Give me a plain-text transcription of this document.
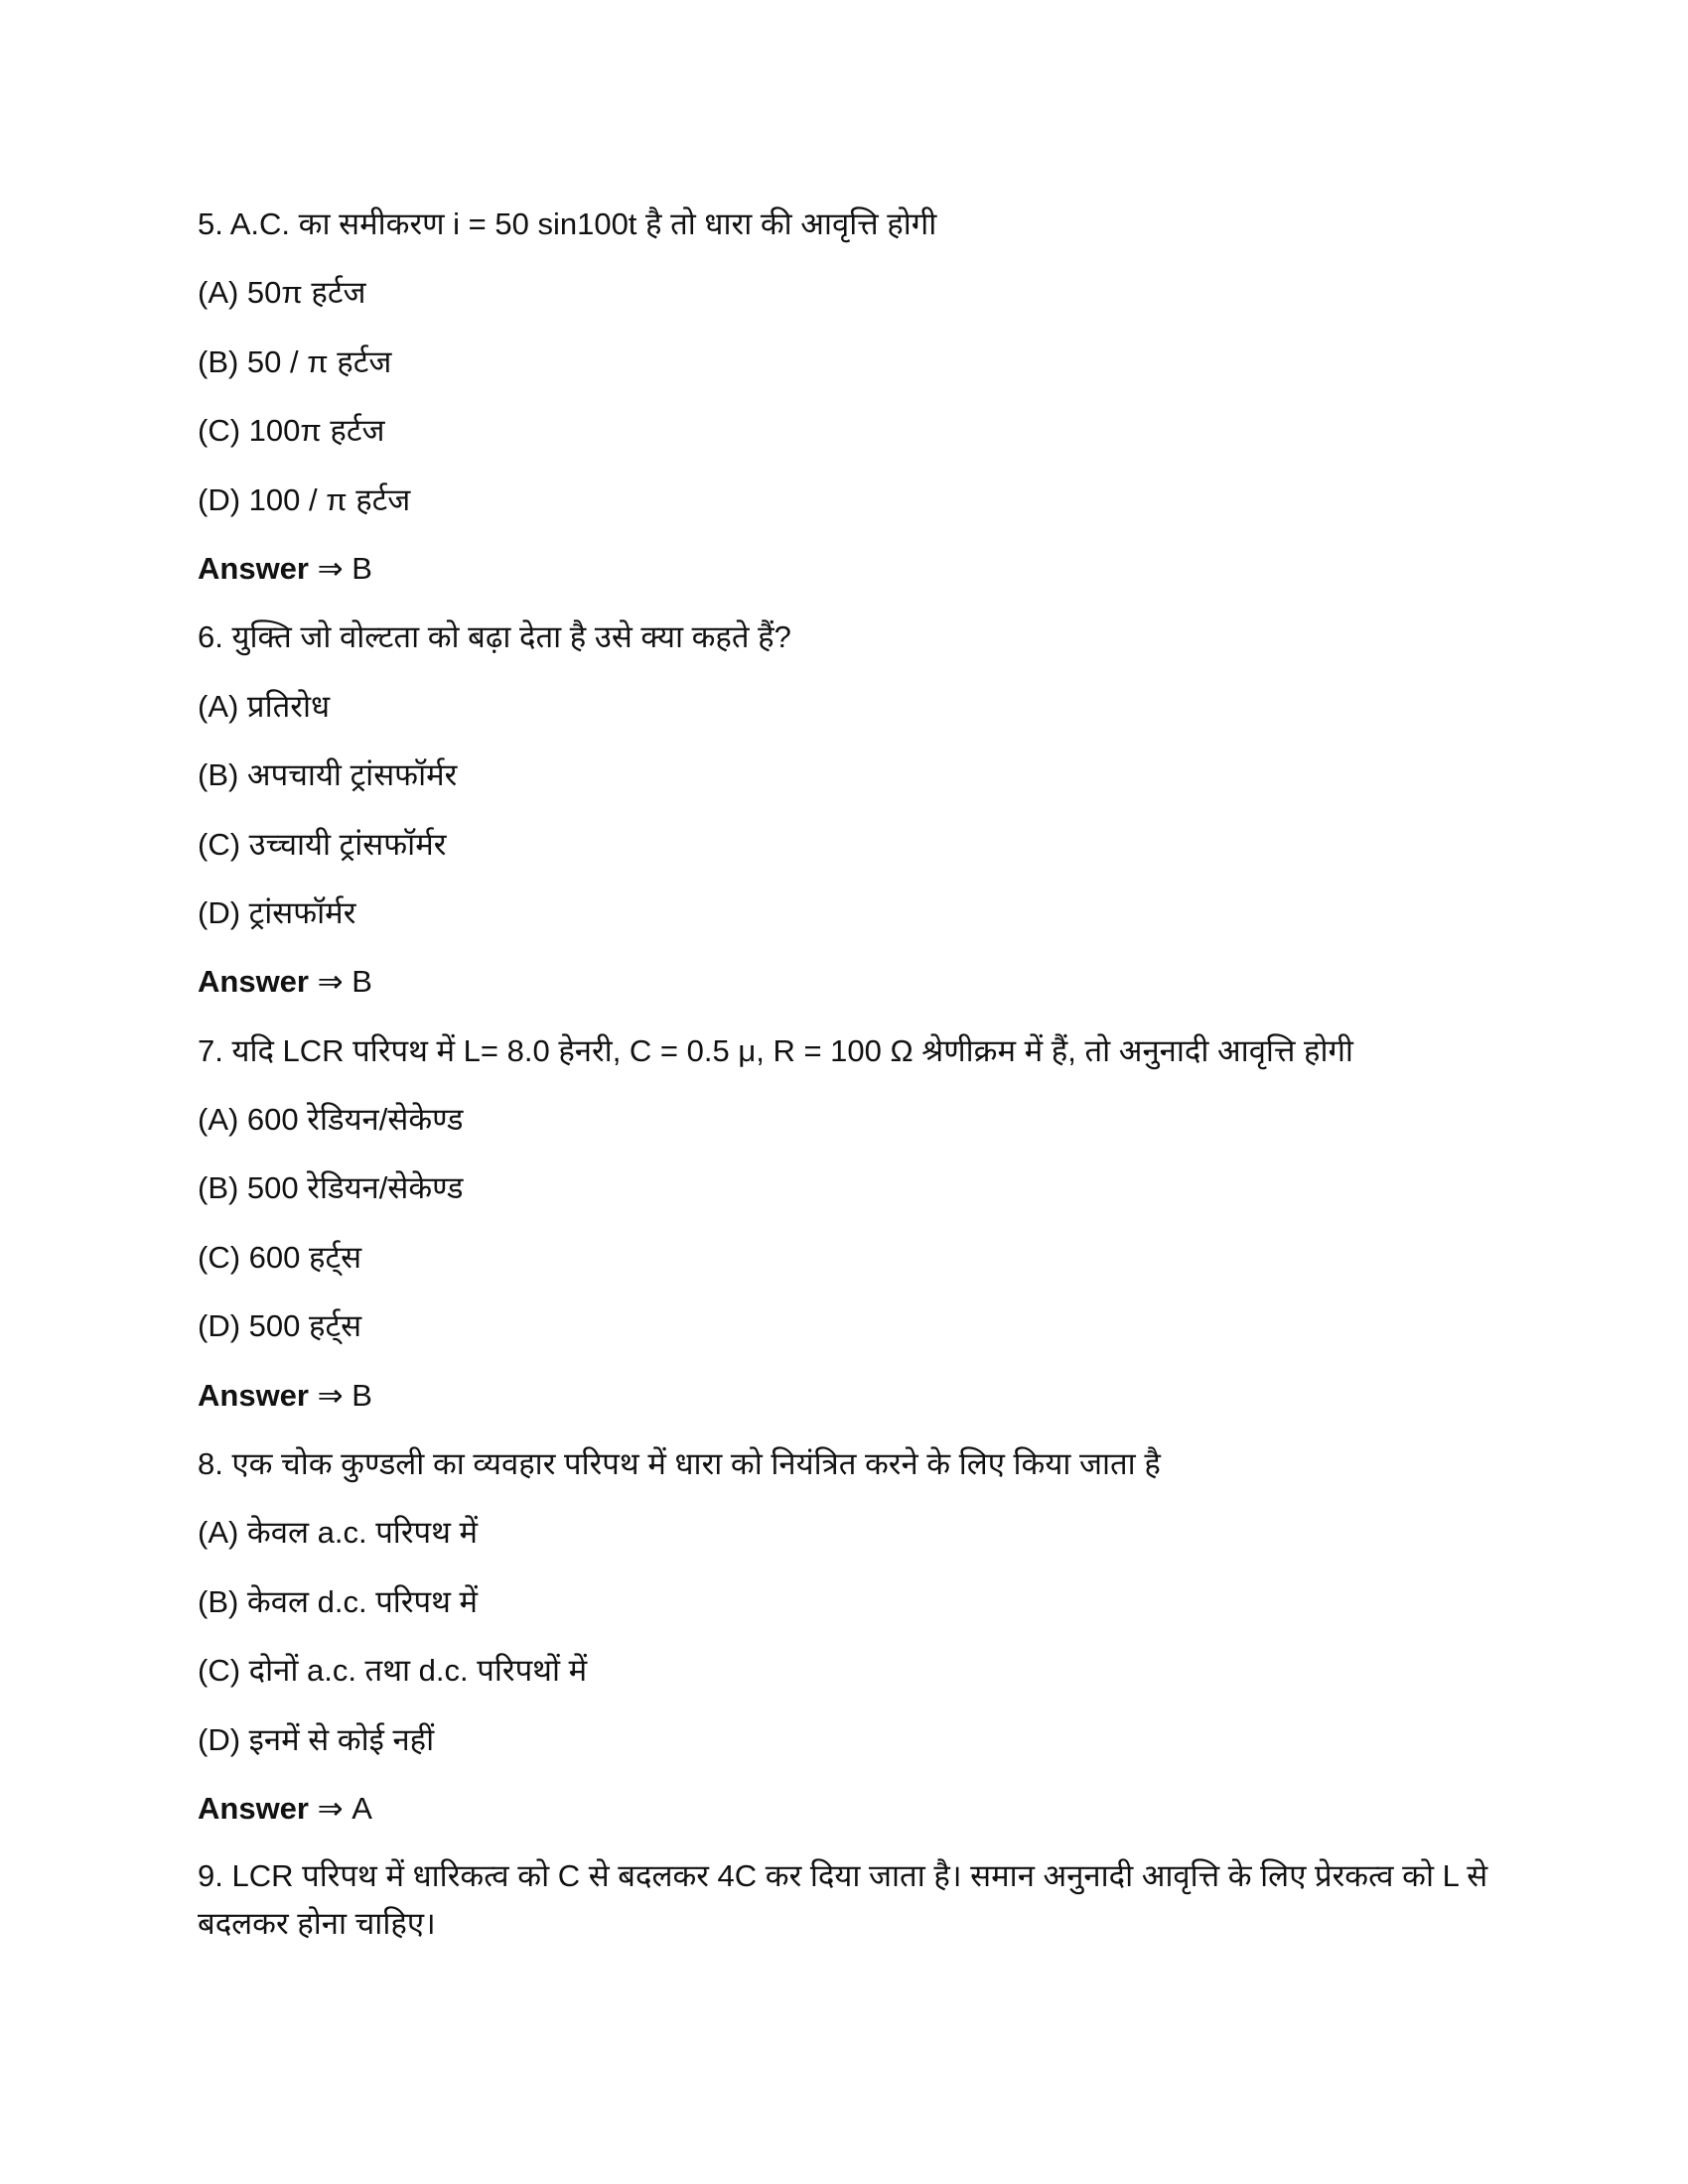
5. A.C. का समीकरण i = 50 sin100t है तो धारा की आवृत्ति होगी
(A) 50π हर्टज
(B) 50 / π हर्टज
(C) 100π हर्टज
(D) 100 / π हर्टज
Answer ⇒ B
6. युक्ति जो वोल्टता को बढ़ा देता है उसे क्या कहते हैं?
(A) प्रतिरोध
(B) अपचायी ट्रांसफॉर्मर
(C) उच्चायी ट्रांसफॉर्मर
(D) ट्रांसफॉर्मर
Answer ⇒ B
7. यदि LCR परिपथ में L= 8.0 हेनरी, C = 0.5 μ, R = 100 Ω श्रेणीक्रम में हैं, तो अनुनादी आवृत्ति होगी
(A) 600 रेडियन/सेकेण्ड
(B) 500 रेडियन/सेकेण्ड
(C) 600 हर्ट्स
(D) 500 हर्ट्स
Answer ⇒ B
8. एक चोक कुण्डली का व्यवहार परिपथ में धारा को नियंत्रित करने के लिए किया जाता है
(A) केवल a.c. परिपथ में
(B) केवल d.c. परिपथ में
(C) दोनों a.c. तथा d.c. परिपथों में
(D) इनमें से कोई नहीं
Answer ⇒ A
9. LCR परिपथ में धारिकत्व को C से बदलकर 4C कर दिया जाता है। समान अनुनादी आवृत्ति के लिए प्रेरकत्व को L से बदलकर होना चाहिए।
